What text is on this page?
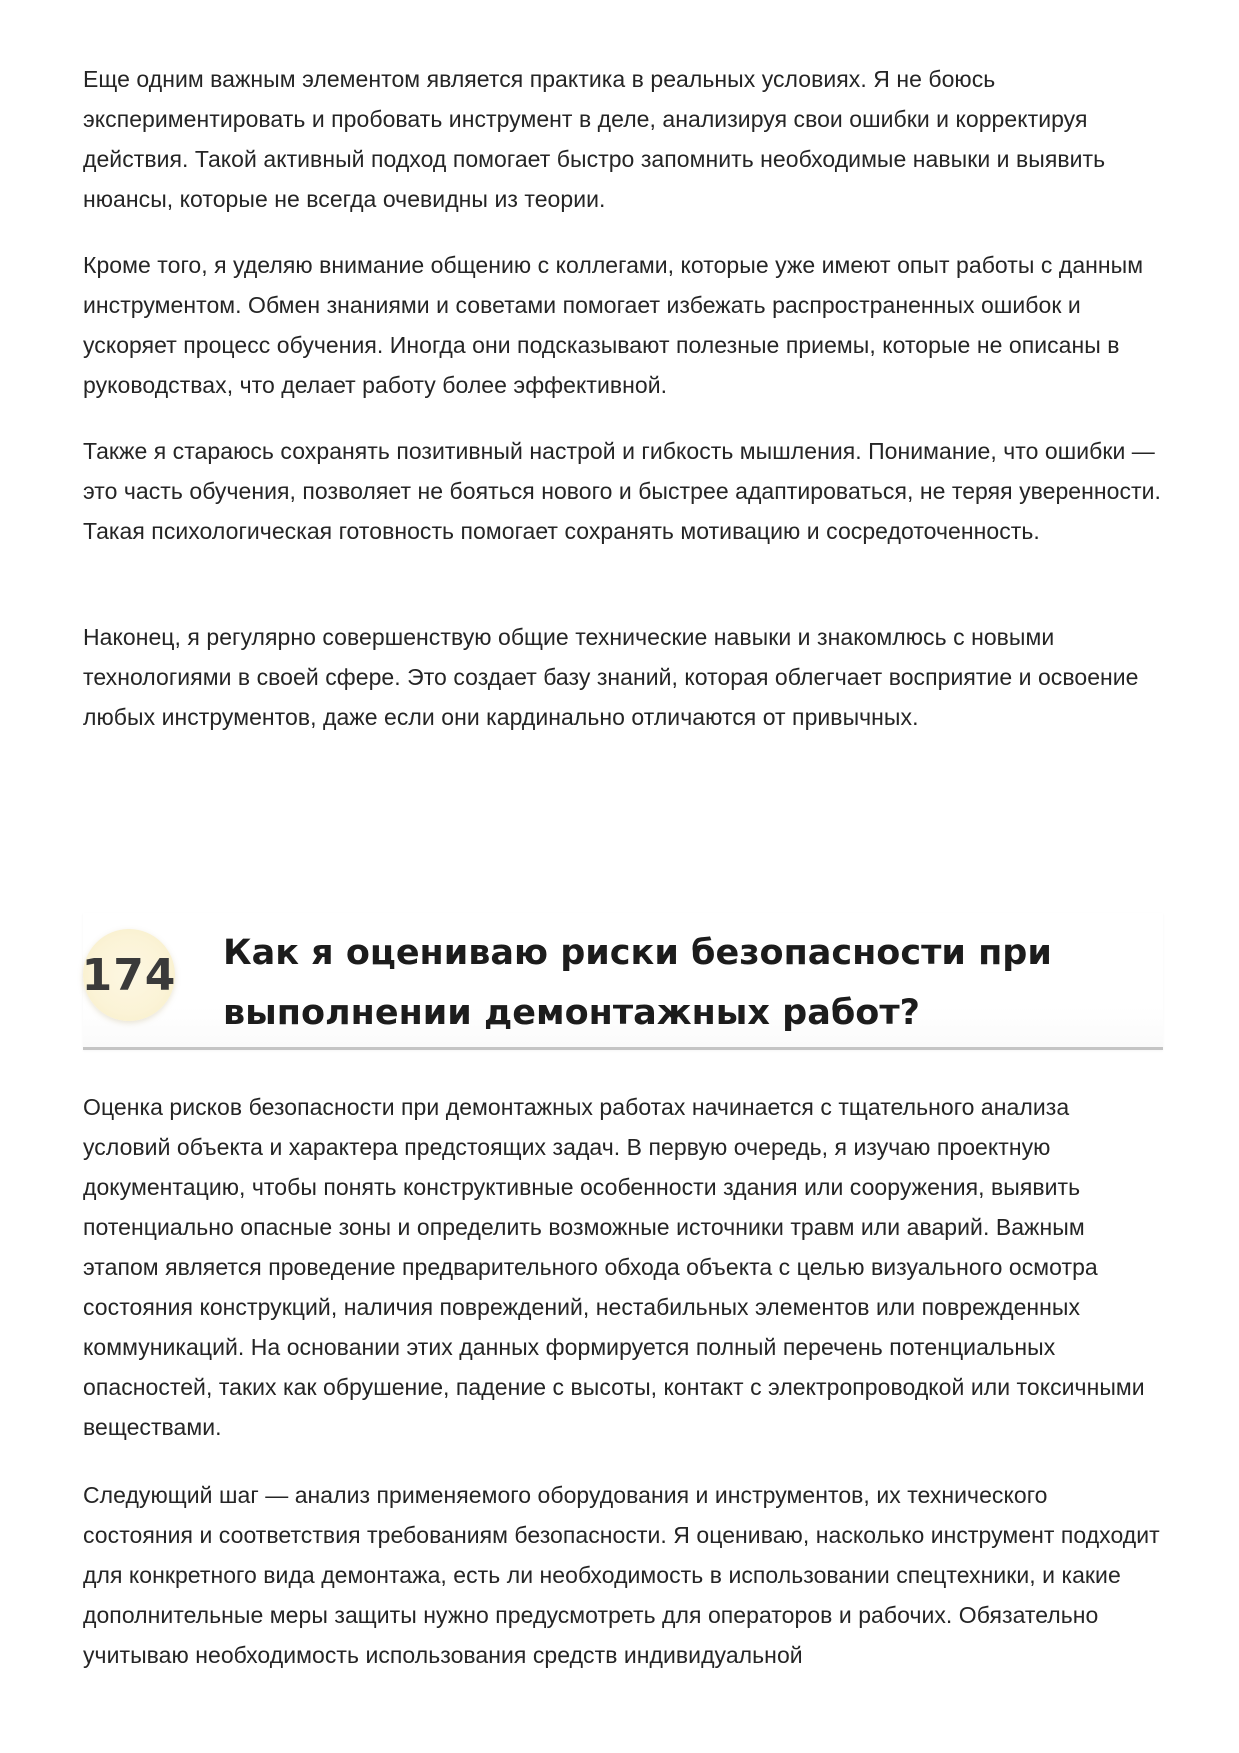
Еще одним важным элементом является практика в реальных условиях. Я не боюсь экспериментировать и пробовать инструмент в деле, анализируя свои ошибки и корректируя действия. Такой активный подход помогает быстро запомнить необходимые навыки и выявить нюансы, которые не всегда очевидны из теории.

Кроме того, я уделяю внимание общению с коллегами, которые уже имеют опыт работы с данным инструментом. Обмен знаниями и советами помогает избежать распространенных ошибок и ускоряет процесс обучения. Иногда они подсказывают полезные приемы, которые не описаны в руководствах, что делает работу более эффективной.

Также я стараюсь сохранять позитивный настрой и гибкость мышления. Понимание, что ошибки — это часть обучения, позволяет не бояться нового и быстрее адаптироваться, не теряя уверенности. Такая психологическая готовность помогает сохранять мотивацию и сосредоточенность.

Наконец, я регулярно совершенствую общие технические навыки и знакомлюсь с новыми технологиями в своей сфере. Это создает базу знаний, которая облегчает восприятие и освоение любых инструментов, даже если они кардинально отличаются от привычных.

174 Как я оцениваю риски безопасности при выполнении демонтажных работ?

Оценка рисков безопасности при демонтажных работах начинается с тщательного анализа условий объекта и характера предстоящих задач. В первую очередь, я изучаю проектную документацию, чтобы понять конструктивные особенности здания или сооружения, выявить потенциально опасные зоны и определить возможные источники травм или аварий. Важным этапом является проведение предварительного обхода объекта с целью визуального осмотра состояния конструкций, наличия повреждений, нестабильных элементов или поврежденных коммуникаций. На основании этих данных формируется полный перечень потенциальных опасностей, таких как обрушение, падение с высоты, контакт с электропроводкой или токсичными веществами.

Следующий шаг — анализ применяемого оборудования и инструментов, их технического состояния и соответствия требованиям безопасности. Я оцениваю, насколько инструмент подходит для конкретного вида демонтажа, есть ли необходимость в использовании спецтехники, и какие дополнительные меры защиты нужно предусмотреть для операторов и рабочих. Обязательно учитываю необходимость использования средств индивидуальной
